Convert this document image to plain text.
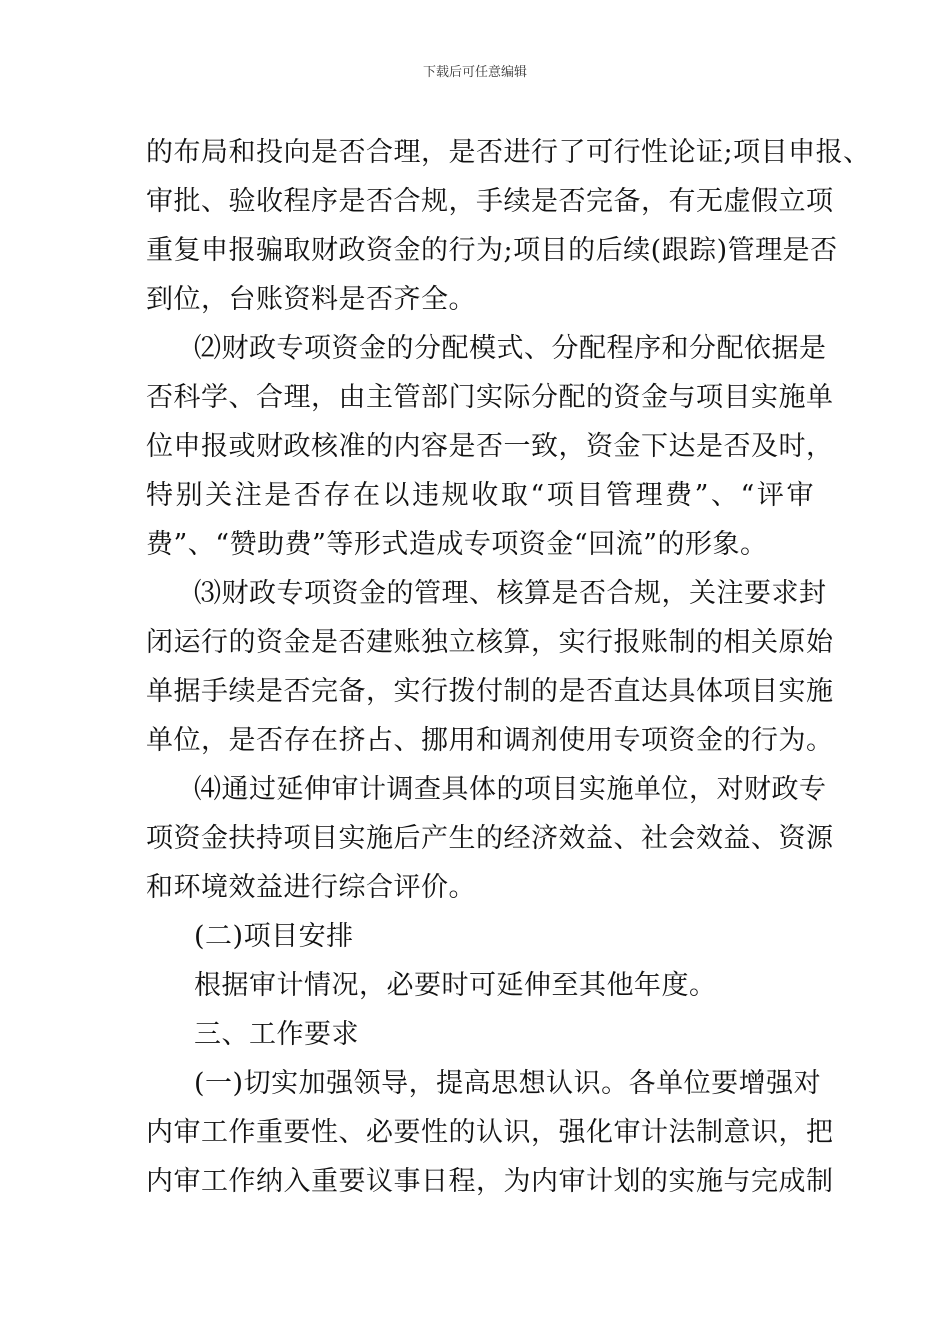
下载后可任意编辑
的布局和投向是否合理，是否进行了可行性论证;项目申报、
审批、验收程序是否合规，手续是否完备，有无虚假立项
重复申报骗取财政资金的行为;项目的后续(跟踪)管理是否
到位，台账资料是否齐全。
⑵财政专项资金的分配模式、分配程序和分配依据是
否科学、合理，由主管部门实际分配的资金与项目实施单
位申报或财政核准的内容是否一致，资金下达是否及时，
特别关注是否存在以违规收取“项目管理费”、“评审
费”、“赞助费”等形式造成专项资金“回流”的形象。
⑶财政专项资金的管理、核算是否合规，关注要求封
闭运行的资金是否建账独立核算，实行报账制的相关原始
单据手续是否完备，实行拨付制的是否直达具体项目实施
单位，是否存在挤占、挪用和调剂使用专项资金的行为。
⑷通过延伸审计调查具体的项目实施单位，对财政专
项资金扶持项目实施后产生的经济效益、社会效益、资源
和环境效益进行综合评价。
(二)项目安排
根据审计情况，必要时可延伸至其他年度。
三、工作要求
(一)切实加强领导，提高思想认识。各单位要增强对
内审工作重要性、必要性的认识，强化审计法制意识，把
内审工作纳入重要议事日程，为内审计划的实施与完成制
